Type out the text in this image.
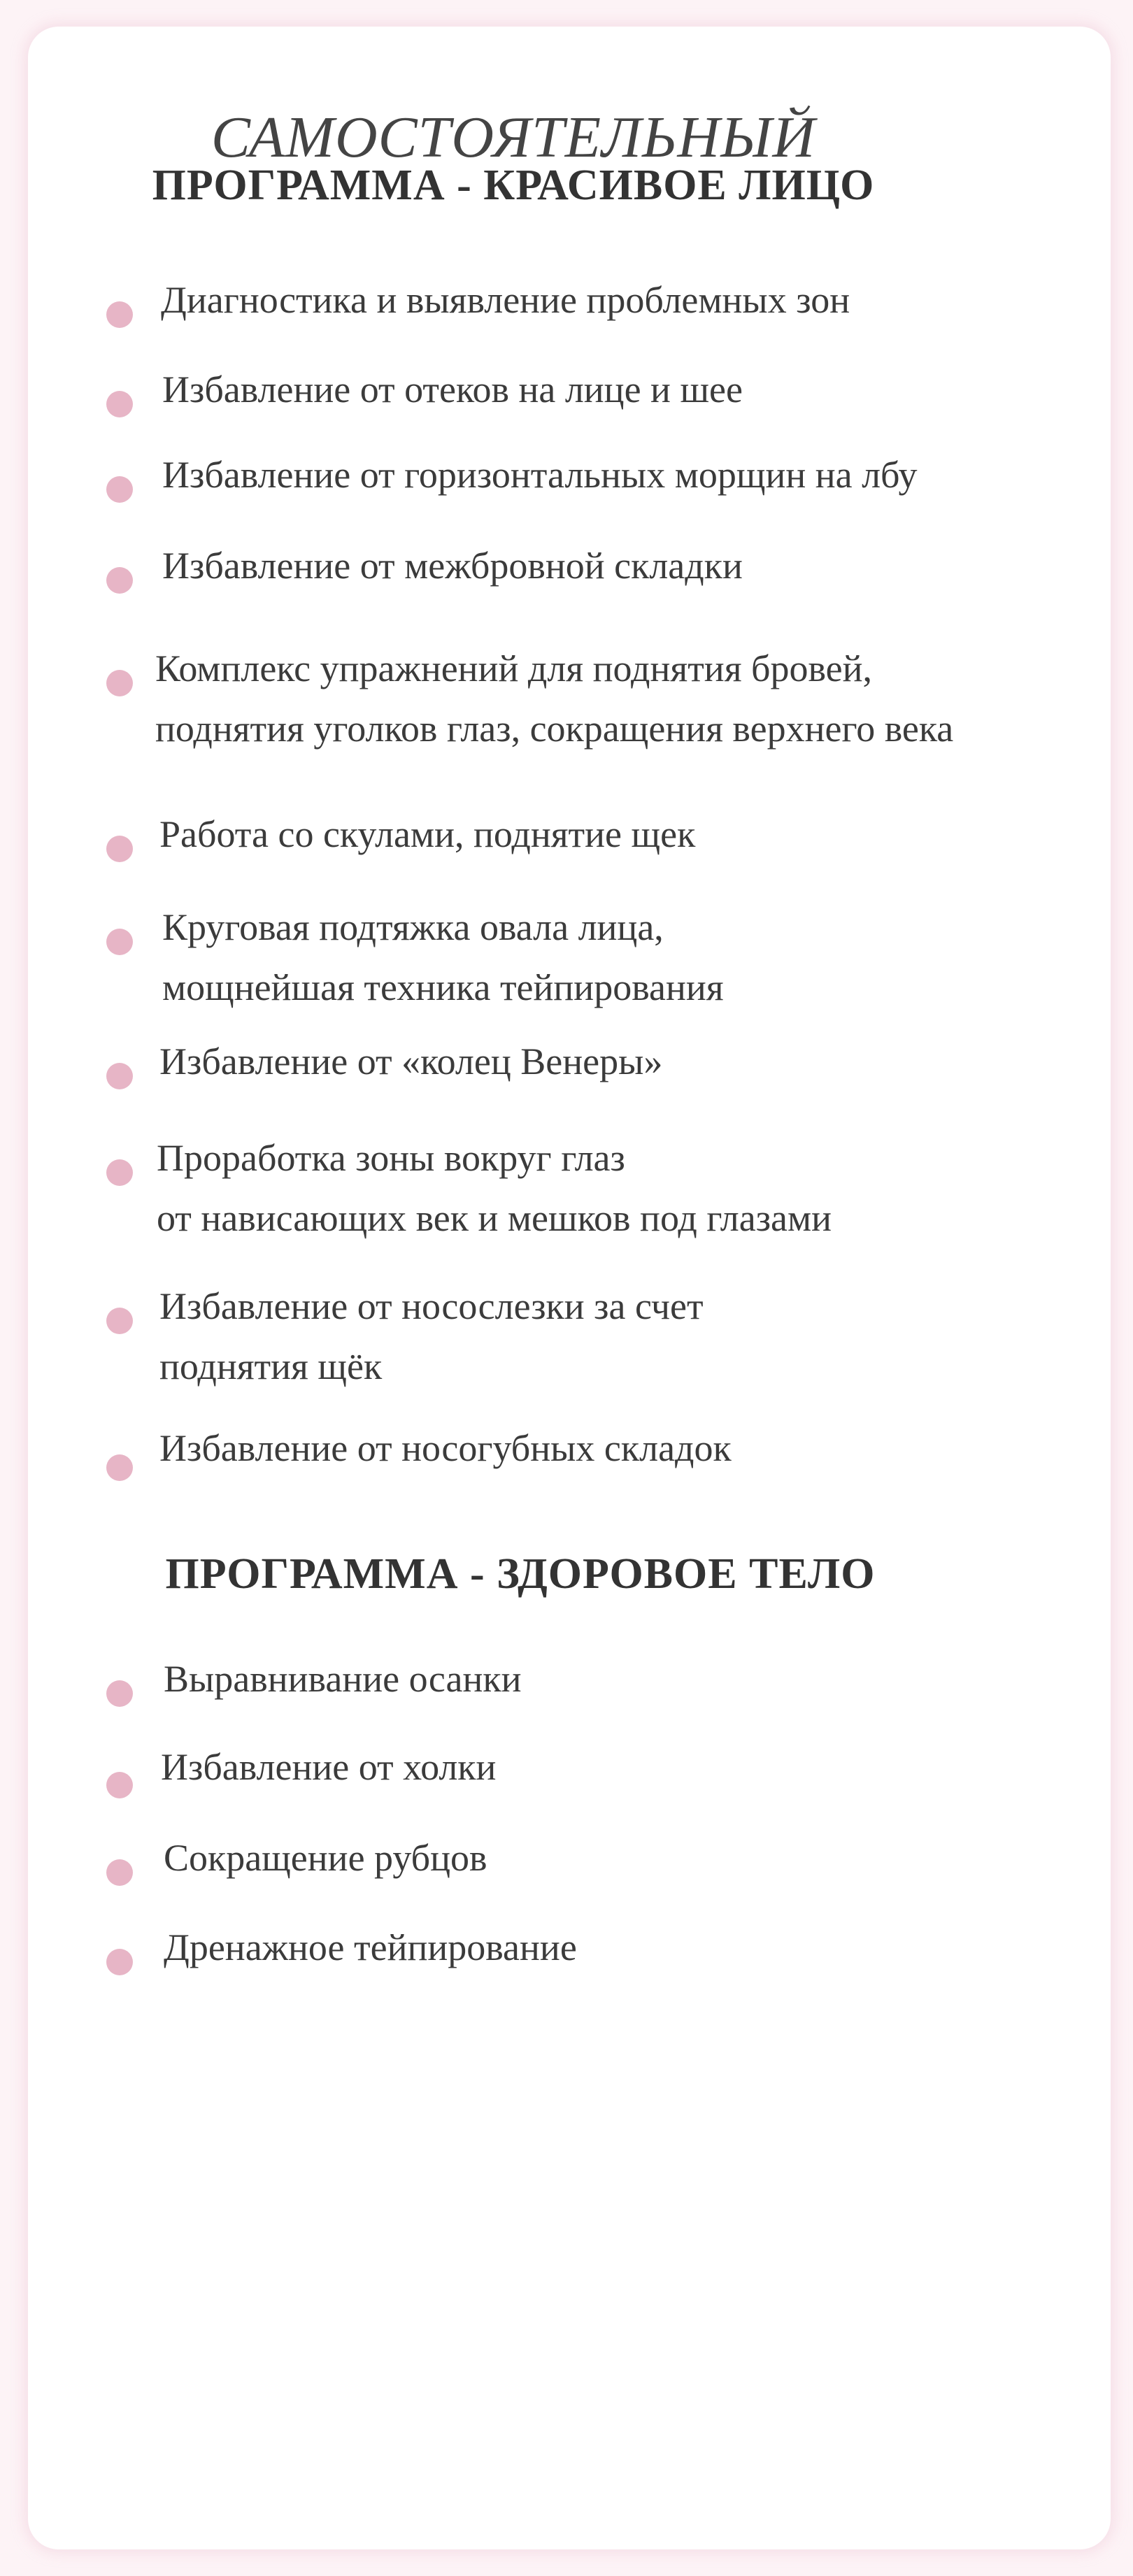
САМОСТОЯТЕЛЬНЫЙ
ПРОГРАММА - КРАСИВОЕ ЛИЦО
Диагностика и выявление проблемных зон
Избавление от отеков на лице и шее
Избавление от горизонтальных морщин на лбу
Избавление от межбровной складки
Комплекс упражнений для поднятия бровей,
поднятия уголков глаз, сокращения верхнего века
Работа со скулами, поднятие щек
Круговая подтяжка овала лица,
мощнейшая техника тейпирования
Избавление от «колец Венеры»
Проработка зоны вокруг глаз
от нависающих век и мешков под глазами
Избавление от носослезки за счет
поднятия щёк
Избавление от носогубных складок
ПРОГРАММА - ЗДОРОВОЕ ТЕЛО
Выравнивание осанки
Избавление от холки
Сокращение рубцов
Дренажное тейпирование
